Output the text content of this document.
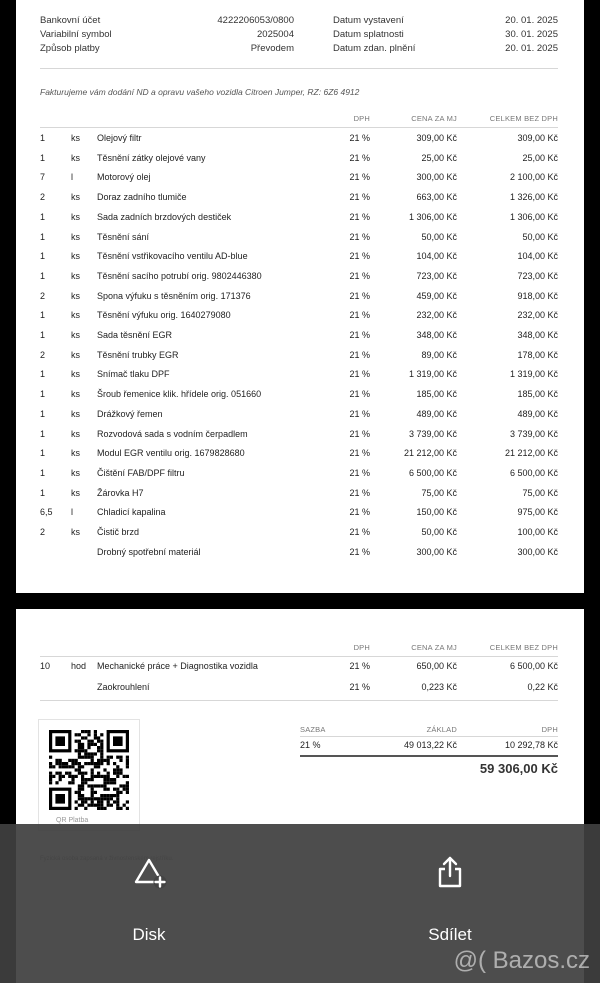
Bankovní účet	4222206053/0800
Variabilní symbol	2025004
Způsob platby	Převodem
Datum vystavení	20. 01. 2025
Datum splatnosti	30. 01. 2025
Datum zdan. plnění	20. 01. 2025
Fakturujeme vám dodání ND a opravu vašeho vozidla Citroen Jumper, RZ: 6Z6 4912
DPH	CENA ZA MJ	CELKEM BEZ DPH
1	ks Olejový filtr	21 %	309,00 Kč	309,00 Kč
1	ks Těsnění zátky olejové vany	21 %	25,00 Kč	25,00 Kč
7	l	Motorový olej	21 %	300,00 Kč	2 100,00 Kč
2	ks Doraz zadního tlumiče	21 %	663,00 Kč	1 326,00 Kč
1	ks Sada zadních brzdových destiček	21 %	1 306,00 Kč	1 306,00 Kč
1	ks Těsnění sání	21 %	50,00 Kč	50,00 Kč
1	ks Těsnění vstřikovacího ventilu AD-blue	21 %	104,00 Kč	104,00 Kč
1	ks Těsnění sacího potrubí orig. 9802446380	21 %	723,00 Kč	723,00 Kč
2	ks Spona výfuku s těsněním orig. 171376	21 %	459,00 Kč	918,00 Kč
1	ks Těsnění výfuku orig. 1640279080	21 %	232,00 Kč	232,00 Kč
1	ks Sada těsnění EGR	21 %	348,00 Kč	348,00 Kč
2	ks Těsnění trubky EGR	21 %	89,00 Kč	178,00 Kč
1	ks Snímač tlaku DPF	21 %	1 319,00 Kč	1 319,00 Kč
1	ks Šroub řemenice klik. hřídele orig. 051660	21 %	185,00 Kč	185,00 Kč
1	ks Drážkový řemen	21 %	489,00 Kč	489,00 Kč
1	ks Rozvodová sada s vodním čerpadlem	21 %	3 739,00 Kč	3 739,00 Kč
1	ks Modul EGR ventilu orig. 1679828680	21 %	21 212,00 Kč	21 212,00 Kč
1	ks Čištění FAB/DPF filtru	21 %	6 500,00 Kč	6 500,00 Kč
1	ks Žárovka H7	21 %	75,00 Kč	75,00 Kč
6,5 l	Chladicí kapalina	21 %	150,00 Kč	975,00 Kč
2	ks Čistič brzd	21 %	50,00 Kč	100,00 Kč
Drobný spotřební materiál	21 %	300,00 Kč	300,00 Kč
DPH	CENA ZA MJ	CELKEM BEZ DPH
10 hod Mechanické práce + Diagnostika vozidla	21 %	650,00 Kč	6 500,00 Kč
Zaokrouhlení	21 %	0,223 Kč	0,22 Kč
QR Platba
SAZBA	ZÁKLAD	DPH
21 %	49 013,22 Kč	10 292,78 Kč
59 306,00 Kč
Disk	Sdílet
@( Bazos.cz
